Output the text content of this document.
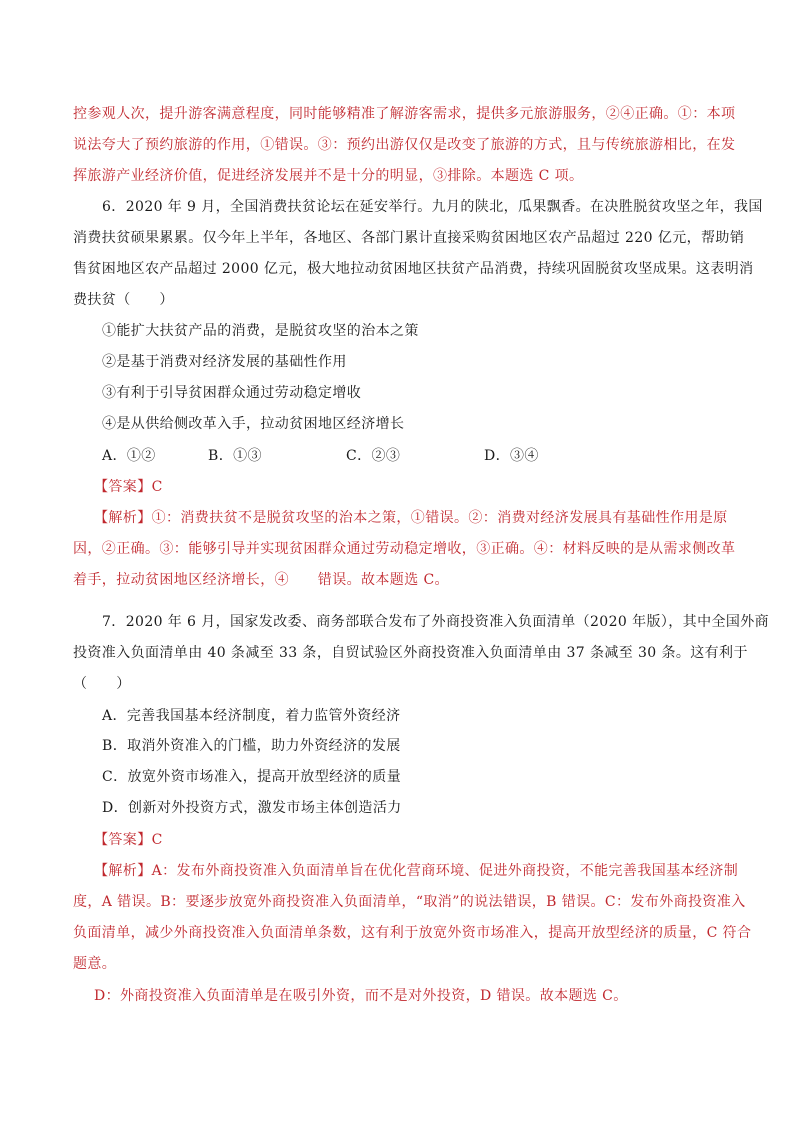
控参观人次，提升游客满意程度，同时能够精准了解游客需求，提供多元旅游服务，②④正确。①：本项
说法夸大了预约旅游的作用，①错误。③：预约出游仅仅是改变了旅游的方式，且与传统旅游相比，在发
挥旅游产业经济价值，促进经济发展并不是十分的明显，③排除。本题选 C 项。
6．2020 年 9 月，全国消费扶贫论坛在延安举行。九月的陕北，瓜果飘香。在决胜脱贫攻坚之年，我国
消费扶贫硕果累累。仅今年上半年，各地区、各部门累计直接采购贫困地区农产品超过 220 亿元，帮助销
售贫困地区农产品超过 2000 亿元，极大地拉动贫困地区扶贫产品消费，持续巩固脱贫攻坚成果。这表明消
费扶贫（　　）
①能扩大扶贫产品的消费，是脱贫攻坚的治本之策
②是基于消费对经济发展的基础性作用
③有利于引导贫困群众通过劳动稳定增收
④是从供给侧改革入手，拉动贫困地区经济增长
A．①②	B．①③	C．②③	D．③④
【答案】C
【解析】①：消费扶贫不是脱贫攻坚的治本之策，①错误。②：消费对经济发展具有基础性作用是原
因，②正确。③：能够引导并实现贫困群众通过劳动稳定增收，③正确。④：材料反映的是从需求侧改革
着手，拉动贫困地区经济增长，④　　错误。故本题选 C。
7．2020 年 6 月，国家发改委、商务部联合发布了外商投资准入负面清单（2020 年版），其中全国外商
投资准入负面清单由 40 条减至 33 条，自贸试验区外商投资准入负面清单由 37 条减至 30 条。这有利于
（　　）
A．完善我国基本经济制度，着力监管外资经济
B．取消外资准入的门槛，助力外资经济的发展
C．放宽外资市场准入，提高开放型经济的质量
D．创新对外投资方式，激发市场主体创造活力
【答案】C
【解析】A：发布外商投资准入负面清单旨在优化营商环境、促进外商投资，不能完善我国基本经济制
度，A 错误。B：要逐步放宽外商投资准入负面清单，“取消”的说法错误，B 错误。C：发布外商投资准入
负面清单，减少外商投资准入负面清单条数，这有利于放宽外资市场准入，提高开放型经济的质量，C 符合
题意。
D：外商投资准入负面清单是在吸引外资，而不是对外投资，D 错误。故本题选 C。
